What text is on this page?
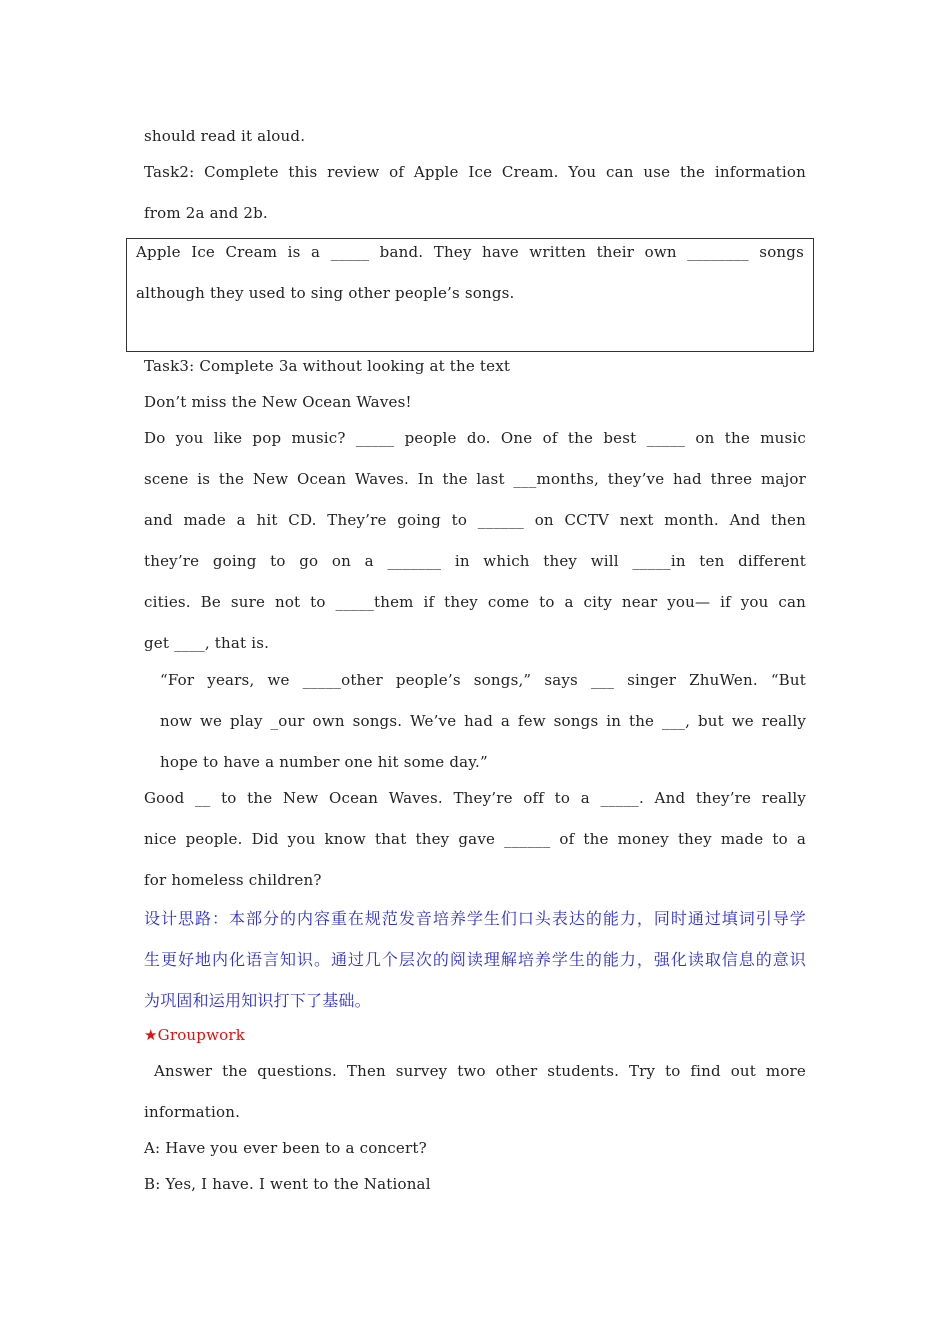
should read it aloud.
Task2: Complete this review of Apple Ice Cream. You can use the information
from 2a and 2b.
Apple Ice Cream is a _____ band. They have written their own ________ songs
although they used to sing other people’s songs.
Task3: Complete 3a without looking at the text
Don’t miss the New Ocean Waves!
Do you like pop music? _____ people do. One of the best _____ on the music
scene is the New Ocean Waves. In the last ___months, they’ve had three major
and made a hit CD. They’re going to ______ on CCTV next month. And then
they’re going to go on a _______ in which they will _____in ten different
cities. Be sure not to _____them if they come to a city near you— if you can
get ____, that is.
“For years, we _____other people’s songs,” says ___ singer ZhuWen. “But
now we play _our own songs. We’ve had a few songs in the ___, but we really
hope to have a number one hit some day.”
Good __ to the New Ocean Waves. They’re off to a _____. And they’re really
nice people. Did you know that they gave ______ of the money they made to a
for homeless children?
设计思路：本部分的内容重在规范发音培养学生们口头表达的能力，同时通过填词引导学
生更好地内化语言知识。通过几个层次的阅读理解培养学生的能力，强化读取信息的意识
为巩固和运用知识打下了基础。
★Groupwork
Answer the questions. Then survey two other students. Try to find out more
information.
A: Have you ever been to a concert?
B: Yes, I have. I went to the National
